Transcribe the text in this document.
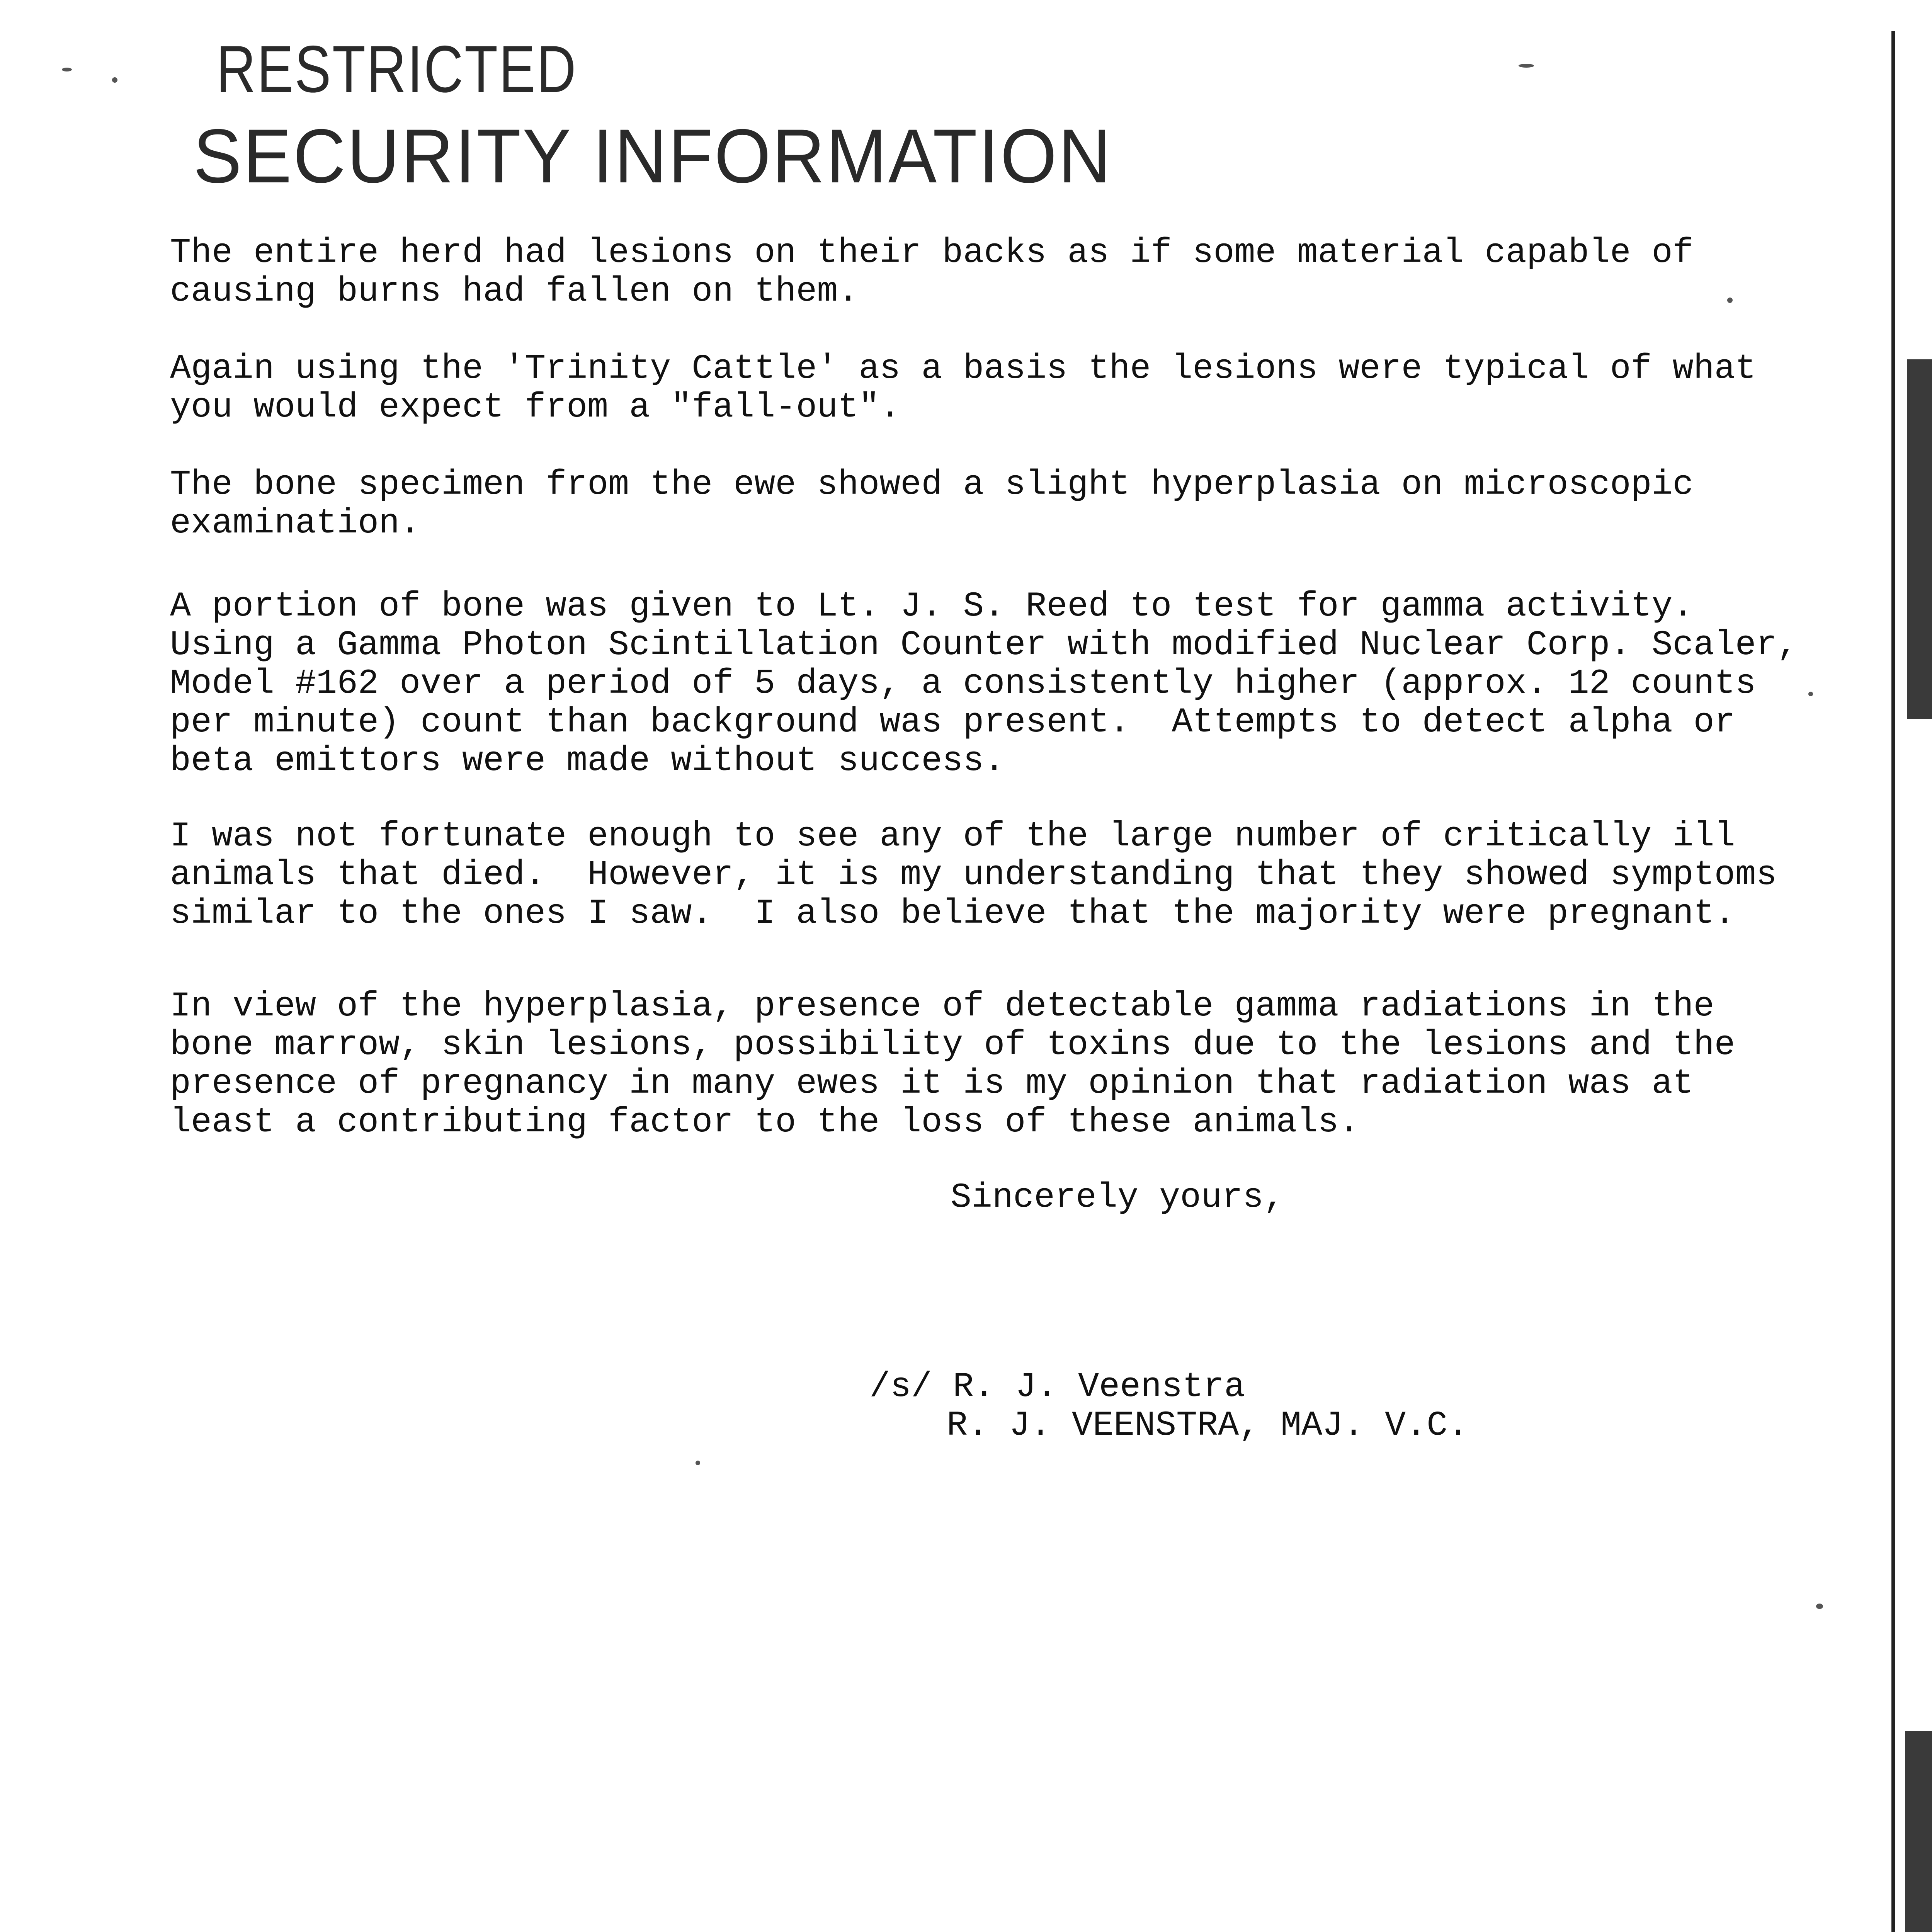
RESTRICTED
SECURITY INFORMATION

The entire herd had lesions on their backs as if some material capable of
causing burns had fallen on them.

Again using the 'Trinity Cattle' as a basis the lesions were typical of what
you would expect from a "fall-out".

The bone specimen from the ewe showed a slight hyperplasia on microscopic
examination.

A portion of bone was given to Lt. J. S. Reed to test for gamma activity.
Using a Gamma Photon Scintillation Counter with modified Nuclear Corp. Scaler,
Model #162 over a period of 5 days, a consistently higher (approx. 12 counts
per minute) count than background was present.  Attempts to detect alpha or
beta emittors were made without success.

I was not fortunate enough to see any of the large number of critically ill
animals that died.  However, it is my understanding that they showed symptoms
similar to the ones I saw.  I also believe that the majority were pregnant.

In view of the hyperplasia, presence of detectable gamma radiations in the
bone marrow, skin lesions, possibility of toxins due to the lesions and the
presence of pregnancy in many ewes it is my opinion that radiation was at
least a contributing factor to the loss of these animals.

Sincerely yours,
/s/ R. J. Veenstra
R. J. VEENSTRA, MAJ. V.C.
